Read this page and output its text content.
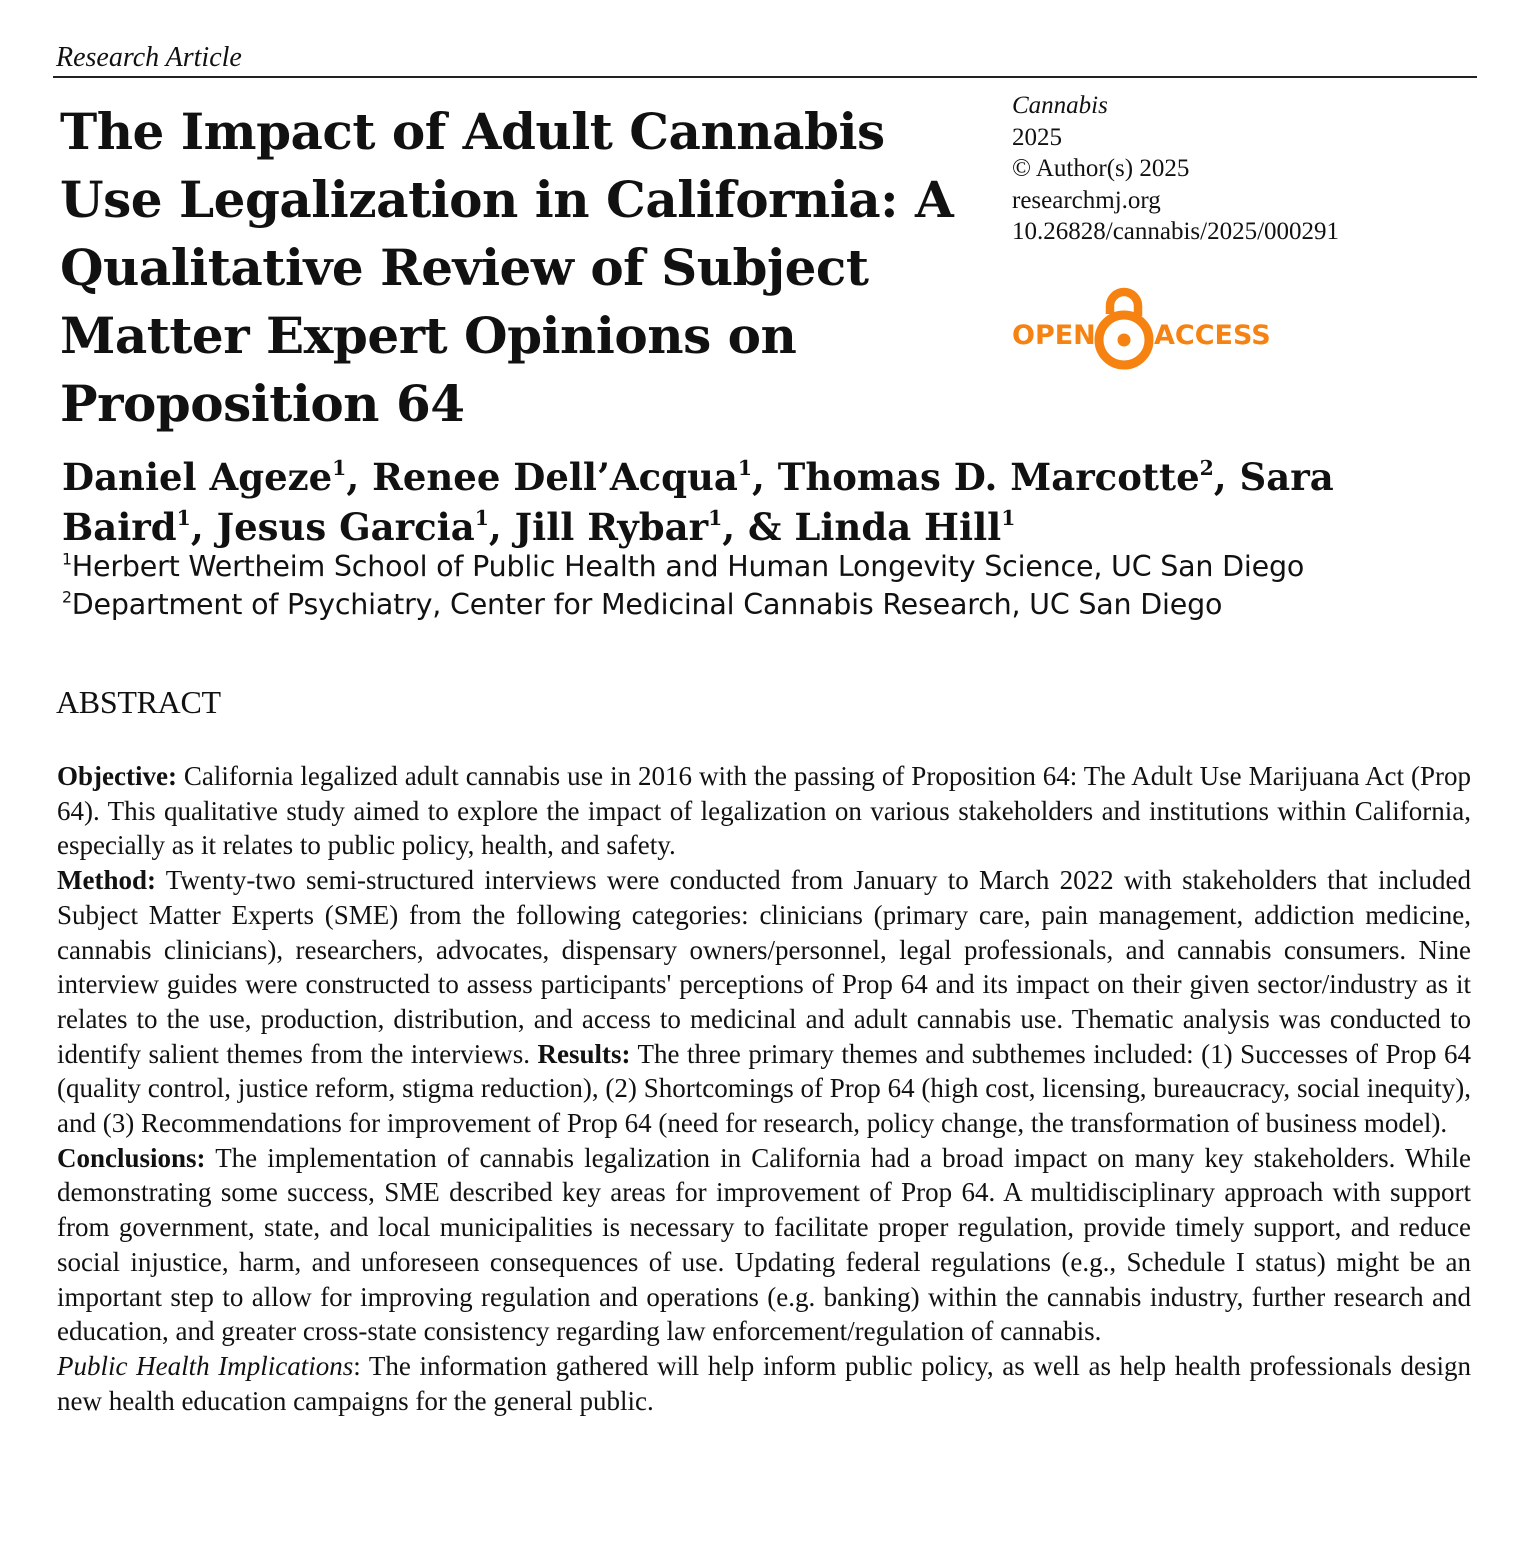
Research Article
The Impact of Adult Cannabis Use Legalization in California: A Qualitative Review of Subject Matter Expert Opinions on Proposition 64
Cannabis
2025
© Author(s) 2025
researchmj.org
10.26828/cannabis/2025/000291
OPEN ACCESS

Daniel Ageze$^1$, Renee Dell’Acqua$^1$, Thomas D. Marcotte$^2$, Sara Baird$^1$, Jesus Garcia$^1$, Jill Rybar$^1$, & Linda Hill$^1$

$^1$Herbert Wertheim School of Public Health and Human Longevity Science, UC San Diego
$^2$Department of Psychiatry, Center for Medicinal Cannabis Research, UC San Diego
ABSTRACT

Objective: California legalized adult cannabis use in 2016 with the passing of Proposition 64: The Adult Use Marijuana Act (Prop 64). This qualitative study aimed to explore the impact of legalization on various stakeholders and institutions within California, especially as it relates to public policy, health, and safety.
Method: Twenty-two semi-structured interviews were conducted from January to March 2022 with stakeholders that included Subject Matter Experts (SME) from the following categories: clinicians (primary care, pain management, addiction medicine, cannabis clinicians), researchers, advocates, dispensary owners/personnel, legal professionals, and cannabis consumers. Nine interview guides were constructed to assess participants' perceptions of Prop 64 and its impact on their given sector/industry as it relates to the use, production, distribution, and access to medicinal and adult cannabis use. Thematic analysis was conducted to identify salient themes from the interviews. Results: The three primary themes and subthemes included: (1) Successes of Prop 64 (quality control, justice reform, stigma reduction), (2) Shortcomings of Prop 64 (high cost, licensing, bureaucracy, social inequity), and (3) Recommendations for improvement of Prop 64 (need for research, policy change, the transformation of business model).
Conclusions: The implementation of cannabis legalization in California had a broad impact on many key stakeholders. While demonstrating some success, SME described key areas for improvement of Prop 64. A multidisciplinary approach with support from government, state, and local municipalities is necessary to facilitate proper regulation, provide timely support, and reduce social injustice, harm, and unforeseen consequences of use. Updating federal regulations (e.g., Schedule I status) might be an important step to allow for improving regulation and operations (e.g. banking) within the cannabis industry, further research and education, and greater cross-state consistency regarding law enforcement/regulation of cannabis.
Public Health Implications: The information gathered will help inform public policy, as well as help health professionals design new health education campaigns for the general public.
